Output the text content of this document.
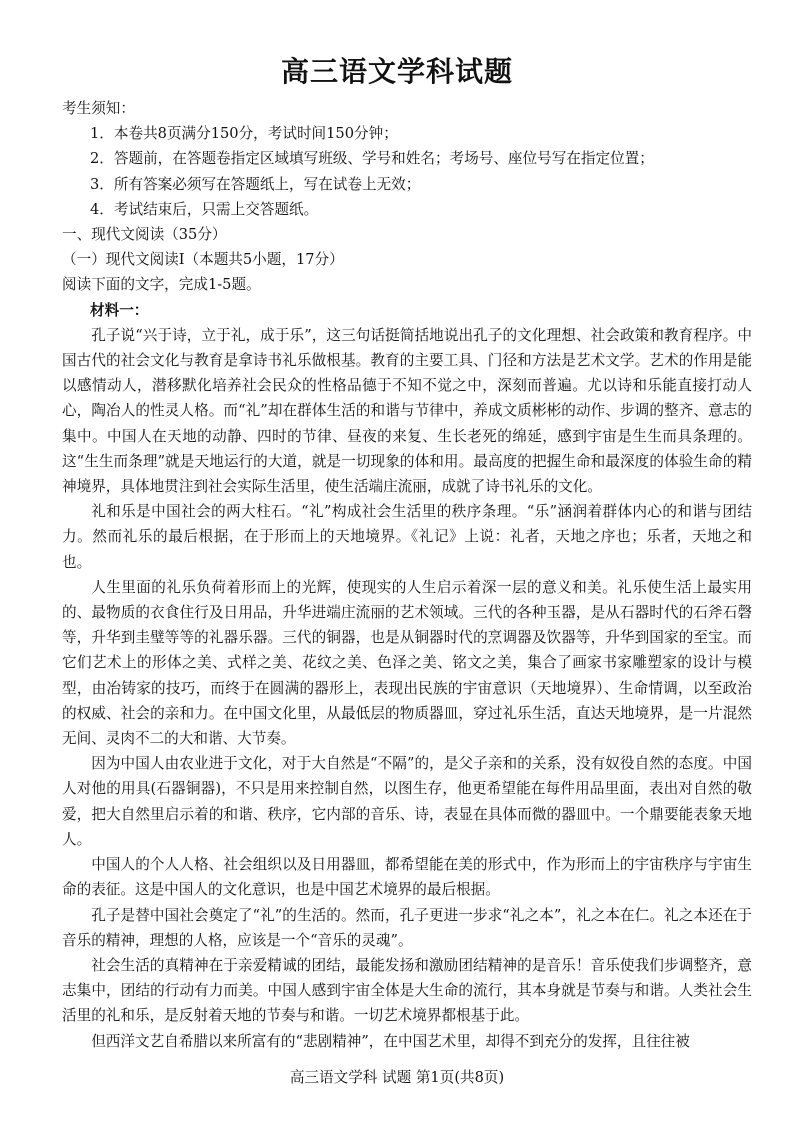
高三语文学科试题

考生须知：

1．本卷共8页满分150分，考试时间150分钟；

2．答题前，在答题卷指定区域填写班级、学号和姓名；考场号、座位号写在指定位置；

3．所有答案必须写在答题纸上，写在试卷上无效；

4．考试结束后，只需上交答题纸。

一、现代文阅读（35分）

（一）现代文阅读Ⅰ（本题共5小题，17分）

阅读下面的文字，完成1-5题。

材料一：

孔子说“兴于诗，立于礼，成于乐”，这三句话挺简括地说出孔子的文化理想、社会政策和教育程序。中国古代的社会文化与教育是拿诗书礼乐做根基。教育的主要工具、门径和方法是艺术文学。艺术的作用是能以感情动人，潜移默化培养社会民众的性格品德于不知不觉之中，深刻而普遍。尤以诗和乐能直接打动人心，陶冶人的性灵人格。而“礼”却在群体生活的和谐与节律中，养成文质彬彬的动作、步调的整齐、意志的集中。中国人在天地的动静、四时的节律、昼夜的来复、生长老死的绵延，感到宇宙是生生而具条理的。这“生生而条理”就是天地运行的大道，就是一切现象的体和用。最高度的把握生命和最深度的体验生命的精神境界，具体地贯注到社会实际生活里，使生活端庄流丽，成就了诗书礼乐的文化。

礼和乐是中国社会的两大柱石。“礼”构成社会生活里的秩序条理。“乐”涵润着群体内心的和谐与团结力。然而礼乐的最后根据，在于形而上的天地境界。《礼记》上说：礼者，天地之序也；乐者，天地之和也。

人生里面的礼乐负荷着形而上的光辉，使现实的人生启示着深一层的意义和美。礼乐使生活上最实用的、最物质的衣食住行及日用品，升华进端庄流丽的艺术领域。三代的各种玉器，是从石器时代的石斧石磬等，升华到圭璧等等的礼器乐器。三代的铜器，也是从铜器时代的烹调器及饮器等，升华到国家的至宝。而它们艺术上的形体之美、式样之美、花纹之美、色泽之美、铭文之美，集合了画家书家雕塑家的设计与模型，由冶铸家的技巧，而终于在圆满的器形上，表现出民族的宇宙意识（天地境界）、生命情调，以至政治的权威、社会的亲和力。在中国文化里，从最低层的物质器皿，穿过礼乐生活，直达天地境界，是一片混然无间、灵肉不二的大和谐、大节奏。

因为中国人由农业进于文化，对于大自然是“不隔”的，是父子亲和的关系，没有奴役自然的态度。中国人对他的用具(石器铜器)，不只是用来控制自然，以图生存，他更希望能在每件用品里面，表出对自然的敬爱，把大自然里启示着的和谐、秩序，它内部的音乐、诗，表显在具体而微的器皿中。一个鼎要能表象天地人。

中国人的个人人格、社会组织以及日用器皿，都希望能在美的形式中，作为形而上的宇宙秩序与宇宙生命的表征。这是中国人的文化意识，也是中国艺术境界的最后根据。

孔子是替中国社会奠定了“礼”的生活的。然而，孔子更进一步求“礼之本”，礼之本在仁。礼之本还在于音乐的精神，理想的人格，应该是一个“音乐的灵魂”。

社会生活的真精神在于亲爱精诚的团结，最能发扬和激励团结精神的是音乐！音乐使我们步调整齐，意志集中，团结的行动有力而美。中国人感到宇宙全体是大生命的流行，其本身就是节奏与和谐。人类社会生活里的礼和乐，是反射着天地的节奏与和谐。一切艺术境界都根基于此。

但西洋文艺自希腊以来所富有的“悲剧精神”，在中国艺术里，却得不到充分的发挥，且往往被

高三语文学科 试题 第1页(共8页)
